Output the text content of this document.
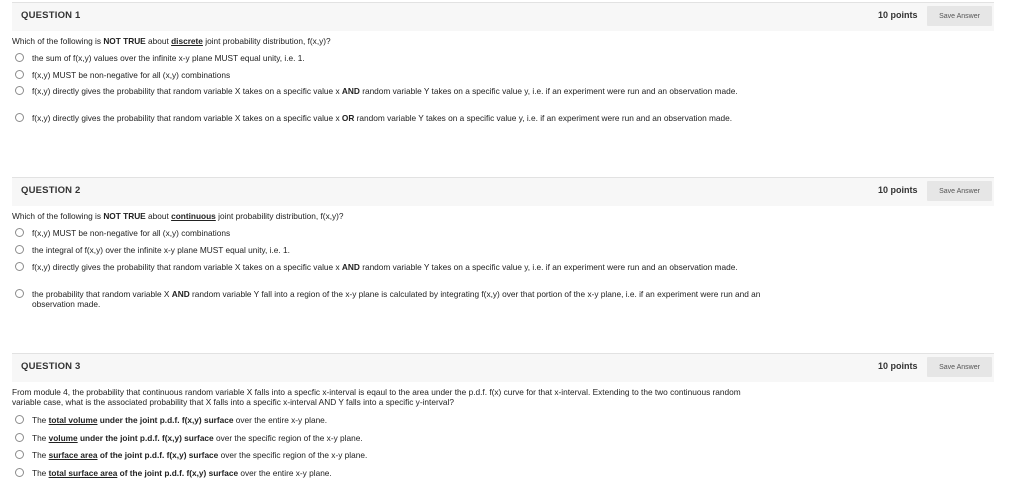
QUESTION 1	10 points	Save Answer
Which of the following is NOT TRUE about discrete joint probability distribution, f(x,y)?
the sum of f(x,y) values over the infinite x-y plane MUST equal unity, i.e. 1.
f(x,y) MUST be non-negative for all (x,y) combinations
f(x,y) directly gives the probability that random variable X takes on a specific value x AND random variable Y takes on a specific value y, i.e. if an experiment were run and an observation made.
f(x,y) directly gives the probability that random variable X takes on a specific value x OR random variable Y takes on a specific value y, i.e. if an experiment were run and an observation made.
QUESTION 2	10 points	Save Answer
Which of the following is NOT TRUE about continuous joint probability distribution, f(x,y)?
f(x,y) MUST be non-negative for all (x,y) combinations
the integral of f(x,y) over the infinite x-y plane MUST equal unity, i.e. 1.
f(x,y) directly gives the probability that random variable X takes on a specific value x AND random variable Y takes on a specific value y, i.e. if an experiment were run and an observation made.
the probability that random variable X AND random variable Y fall into a region of the x-y plane is calculated by integrating f(x,y) over that portion of the x-y plane, i.e. if an experiment were run and an observation made.
QUESTION 3	10 points	Save Answer
From module 4, the probability that continuous random variable X falls into a specfic x-interval is eqaul to the area under the p.d.f. f(x) curve for that x-interval. Extending to the two continuous random variable case, what is the associated probability that X falls into a specific x-interval AND Y falls into a specific y-interval?
The total volume under the joint p.d.f. f(x,y) surface over the entire x-y plane.
The volume under the joint p.d.f. f(x,y) surface over the specific region of the x-y plane.
The surface area of the joint p.d.f. f(x,y) surface over the specific region of the x-y plane.
The total surface area of the joint p.d.f. f(x,y) surface over the entire x-y plane.
